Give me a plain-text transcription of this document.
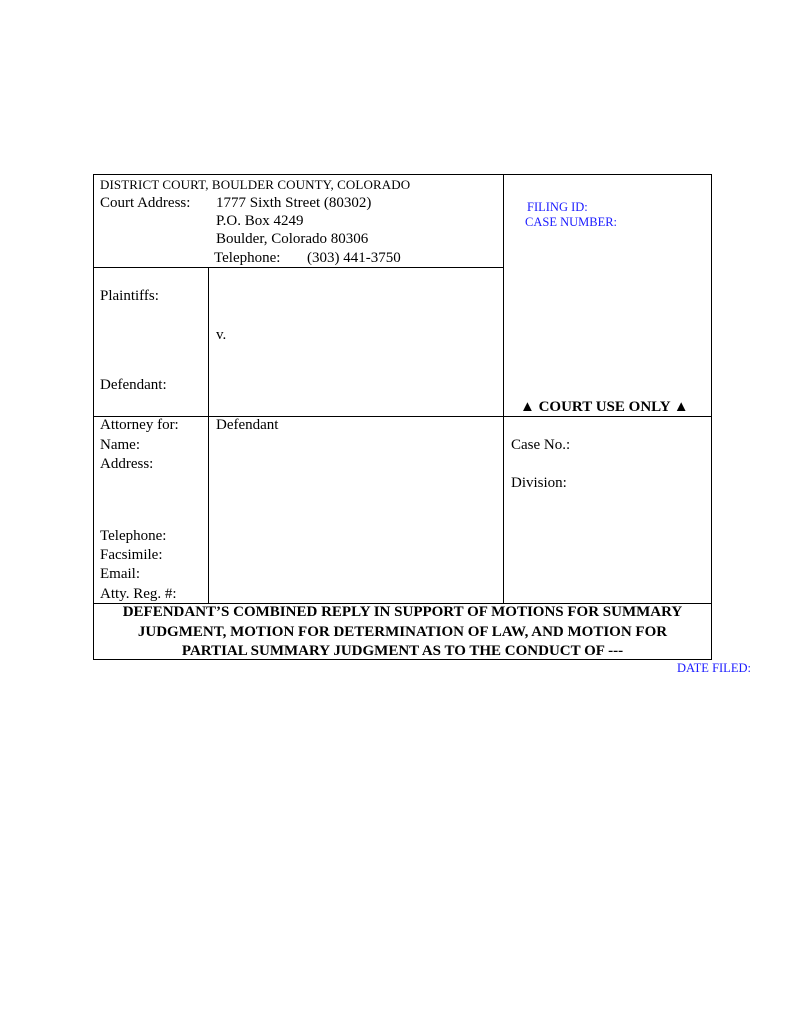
DISTRICT COURT, BOULDER COUNTY, COLORADO
Court Address: 1777 Sixth Street (80302)
P.O. Box 4249
Boulder, Colorado 80306
Telephone: (303) 441-3750
FILING ID:
CASE NUMBER:
Plaintiffs:
v.
Defendant:
▲ COURT USE ONLY ▲
Attorney for: Defendant
Name:
Address:
Telephone:
Facsimile:
Email:
Atty. Reg. #:
Case No.:
Division:
DEFENDANT’S COMBINED REPLY IN SUPPORT OF MOTIONS FOR SUMMARY
JUDGMENT, MOTION FOR DETERMINATION OF LAW, AND MOTION FOR
PARTIAL SUMMARY JUDGMENT AS TO THE CONDUCT OF ---
DATE FILED:
